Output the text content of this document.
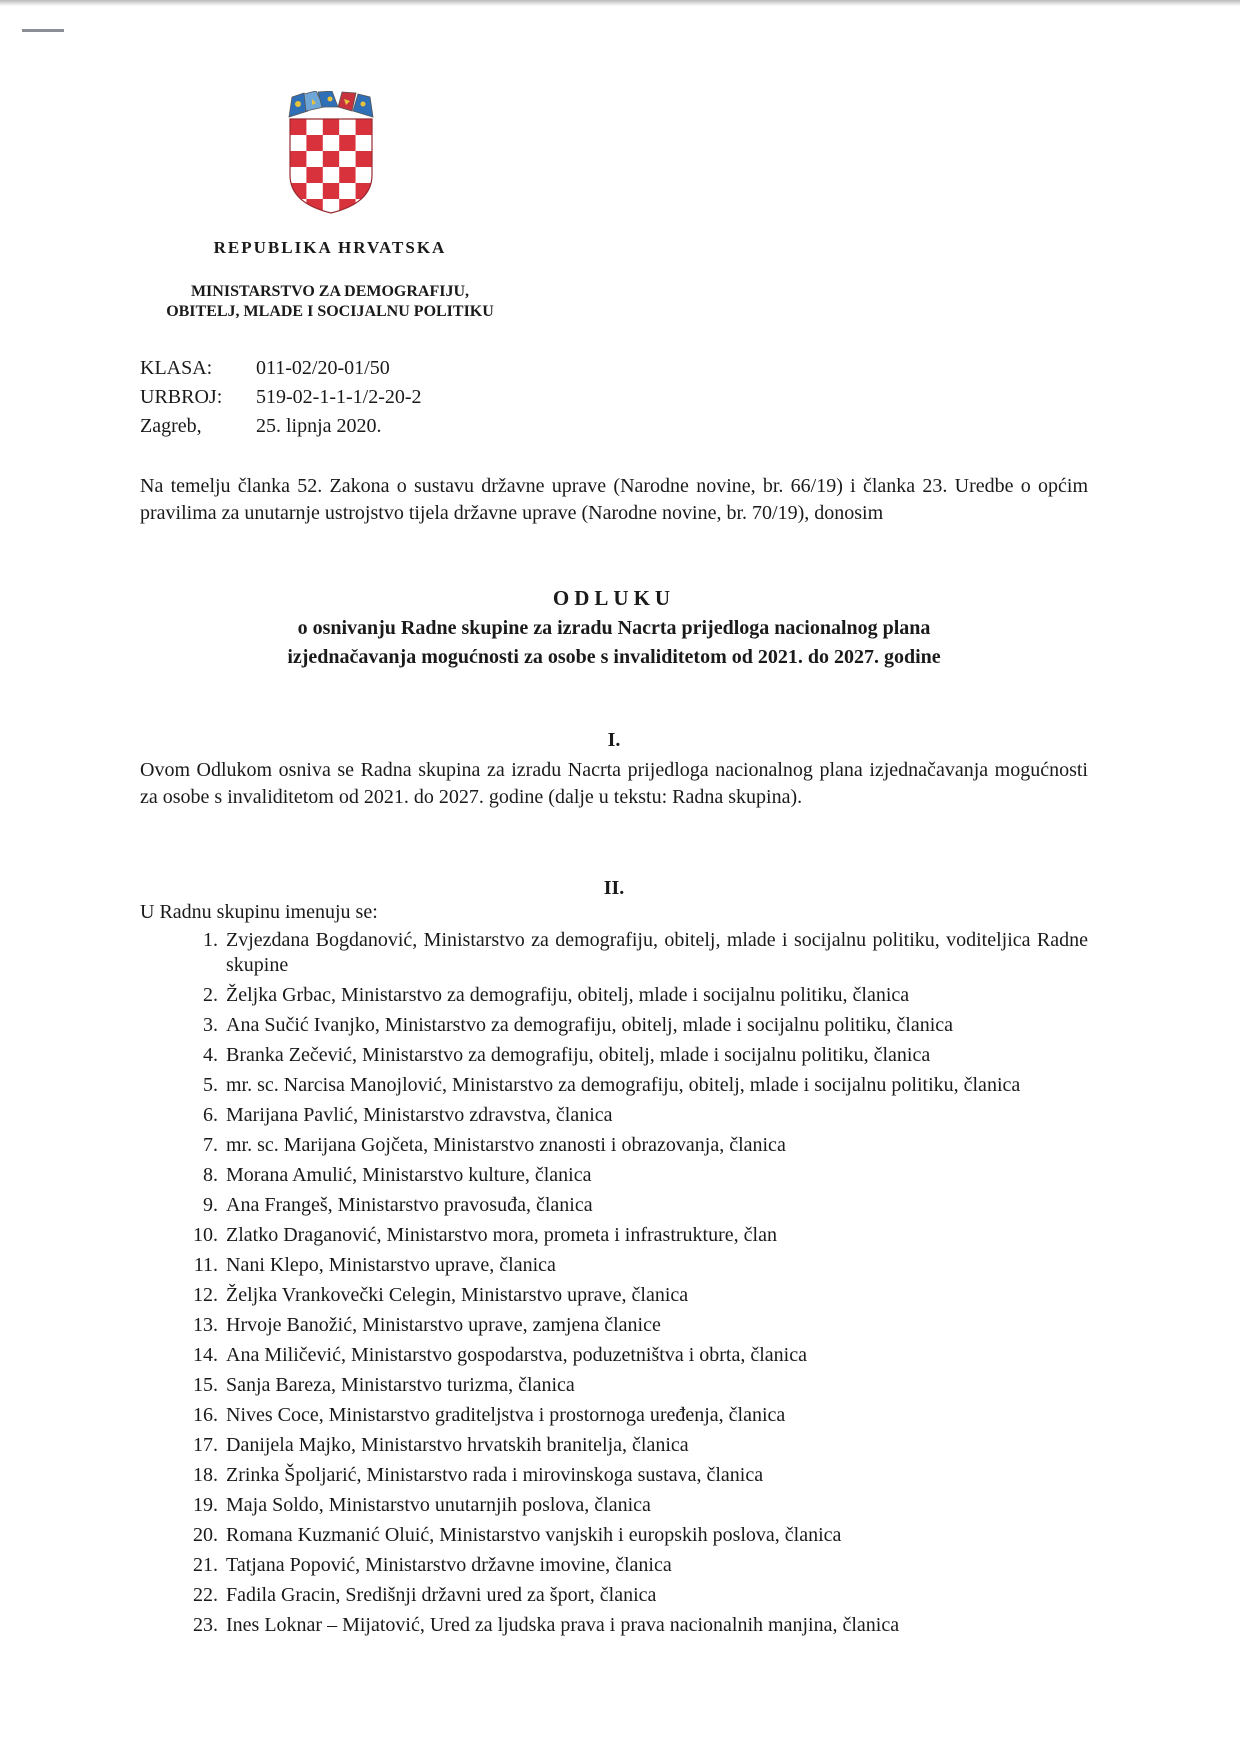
REPUBLIKA HRVATSKA
MINISTARSTVO ZA DEMOGRAFIJU,
OBITELJ, MLADE I SOCIJALNU POLITIKU
KLASA:	011-02/20-01/50
URBROJ:	519-02-1-1-1/2-20-2
Zagreb,	25. lipnja 2020.
Na temelju članka 52. Zakona o sustavu državne uprave (Narodne novine, br. 66/19) i članka 23. Uredbe o općim pravilima za unutarnje ustrojstvo tijela državne uprave (Narodne novine, br. 70/19), donosim
ODLUKU
o osnivanju Radne skupine za izradu Nacrta prijedloga nacionalnog plana
izjednačavanja mogućnosti za osobe s invaliditetom od 2021. do 2027. godine
I.
Ovom Odlukom osniva se Radna skupina za izradu Nacrta prijedloga nacionalnog plana izjednačavanja mogućnosti za osobe s invaliditetom od 2021. do 2027. godine (dalje u tekstu: Radna skupina).
II.
U Radnu skupinu imenuju se:
1. Zvjezdana Bogdanović, Ministarstvo za demografiju, obitelj, mlade i socijalnu politiku, voditeljica Radne skupine
2. Željka Grbac, Ministarstvo za demografiju, obitelj, mlade i socijalnu politiku, članica
3. Ana Sučić Ivanjko, Ministarstvo za demografiju, obitelj, mlade i socijalnu politiku, članica
4. Branka Zečević, Ministarstvo za demografiju, obitelj, mlade i socijalnu politiku, članica
5. mr. sc. Narcisa Manojlović, Ministarstvo za demografiju, obitelj, mlade i socijalnu politiku, članica
6. Marijana Pavlić, Ministarstvo zdravstva, članica
7. mr. sc. Marijana Gojčeta, Ministarstvo znanosti i obrazovanja, članica
8. Morana Amulić, Ministarstvo kulture, članica
9. Ana Frangeš, Ministarstvo pravosuđa, članica
10. Zlatko Draganović, Ministarstvo mora, prometa i infrastrukture, član
11. Nani Klepo, Ministarstvo uprave, članica
12. Željka Vrankovečki Celegin, Ministarstvo uprave, članica
13. Hrvoje Banožić, Ministarstvo uprave, zamjena članice
14. Ana Miličević, Ministarstvo gospodarstva, poduzetništva i obrta, članica
15. Sanja Bareza, Ministarstvo turizma, članica
16. Nives Coce, Ministarstvo graditeljstva i prostornoga uređenja, članica
17. Danijela Majko, Ministarstvo hrvatskih branitelja, članica
18. Zrinka Špoljarić, Ministarstvo rada i mirovinskoga sustava, članica
19. Maja Soldo, Ministarstvo unutarnjih poslova, članica
20. Romana Kuzmanić Oluić, Ministarstvo vanjskih i europskih poslova, članica
21. Tatjana Popović, Ministarstvo državne imovine, članica
22. Fadila Gracin, Središnji državni ured za šport, članica
23. Ines Loknar – Mijatović, Ured za ljudska prava i prava nacionalnih manjina, članica
